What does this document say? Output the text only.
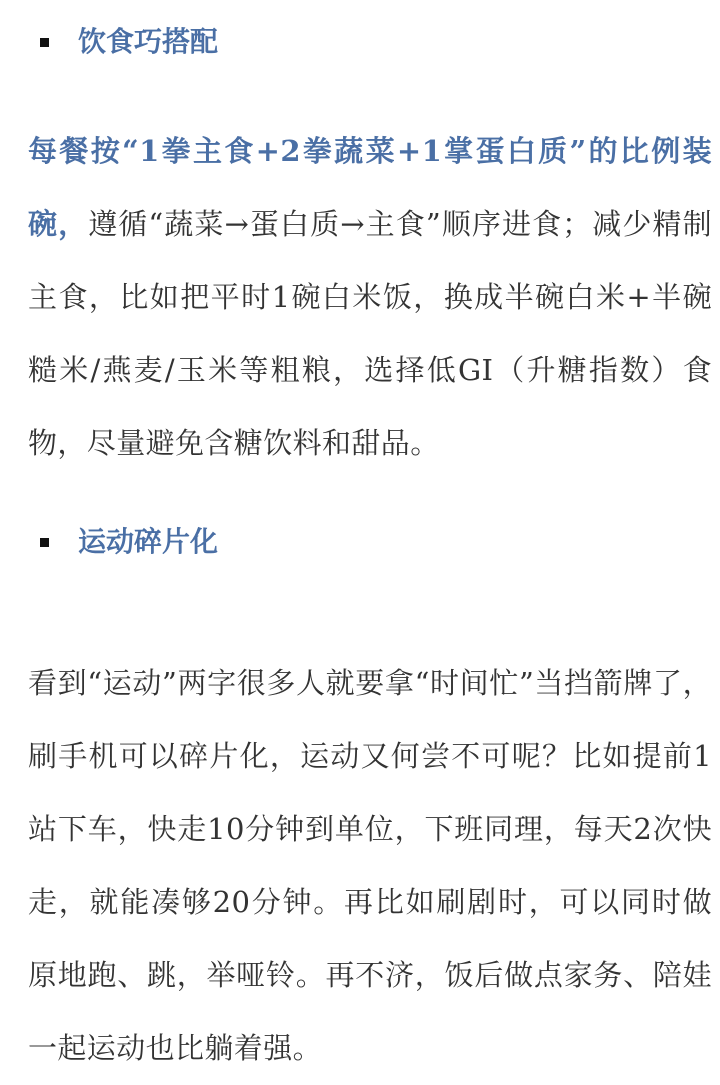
饮食巧搭配

每餐按“1拳主食+2拳蔬菜+1掌蛋白质”的比例装碗，遵循“蔬菜→蛋白质→主食”顺序进食；减少精制主食，比如把平时1碗白米饭，换成半碗白米+半碗糙米/燕麦/玉米等粗粮，选择低GI（升糖指数）食物，尽量避免含糖饮料和甜品。

运动碎片化

看到“运动”两字很多人就要拿“时间忙”当挡箭牌了，刷手机可以碎片化，运动又何尝不可呢？比如提前1站下车，快走10分钟到单位，下班同理，每天2次快走，就能凑够20分钟。再比如刷剧时，可以同时做原地跑、跳，举哑铃。再不济，饭后做点家务、陪娃一起运动也比躺着强。
